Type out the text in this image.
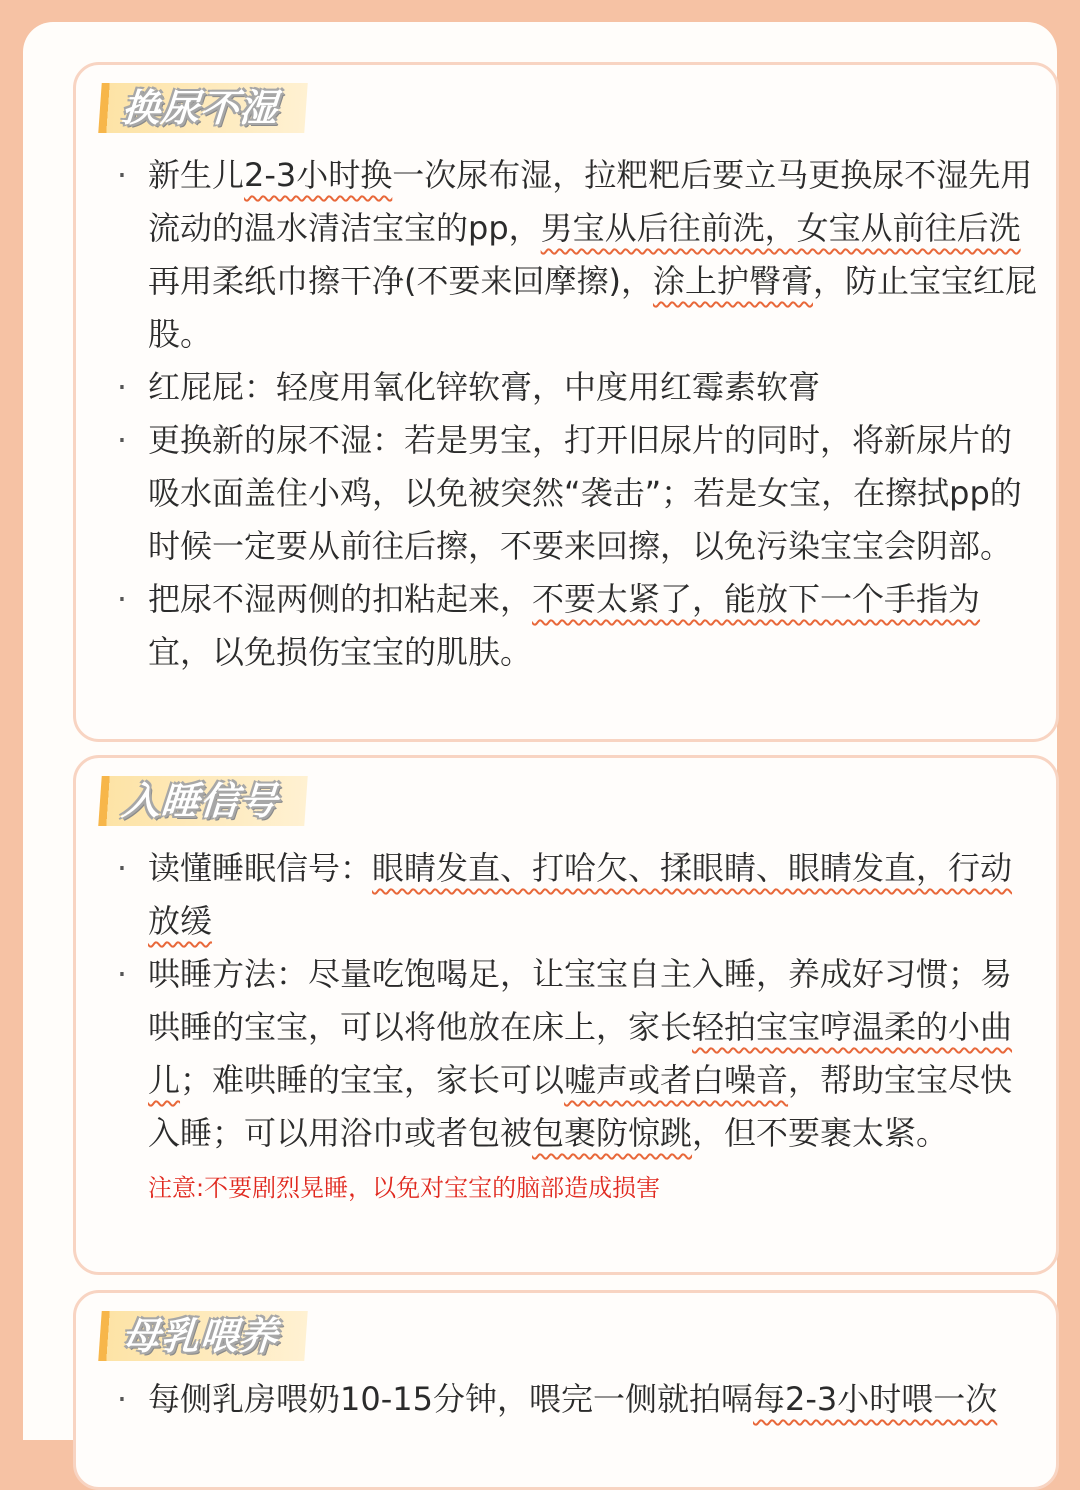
换尿不湿
· 新生儿2-3小时换一次尿布湿，拉粑粑后要立马更换尿不湿先用流动的温水清洁宝宝的pp，男宝从后往前洗，女宝从前往后洗再用柔纸巾擦干净(不要来回摩擦)，涂上护臀膏，防止宝宝红屁股。
· 红屁屁：轻度用氧化锌软膏，中度用红霉素软膏
· 更换新的尿不湿：若是男宝，打开旧尿片的同时，将新尿片的吸水面盖住小鸡，以免被突然“袭击”；若是女宝，在擦拭pp的时候一定要从前往后擦，不要来回擦，以免污染宝宝会阴部。
· 把尿不湿两侧的扣粘起来，不要太紧了，能放下一个手指为宜，以免损伤宝宝的肌肤。
入睡信号
· 读懂睡眠信号：眼睛发直、打哈欠、揉眼睛、眼睛发直，行动放缓
· 哄睡方法：尽量吃饱喝足，让宝宝自主入睡，养成好习惯；易哄睡的宝宝，可以将他放在床上，家长轻拍宝宝哼温柔的小曲儿；难哄睡的宝宝，家长可以嘘声或者白噪音，帮助宝宝尽快入睡；可以用浴巾或者包被包裹防惊跳，但不要裹太紧。
注意:不要剧烈晃睡，以免对宝宝的脑部造成损害
母乳喂养
· 每侧乳房喂奶10-15分钟，喂完一侧就拍嗝每2-3小时喂一次
